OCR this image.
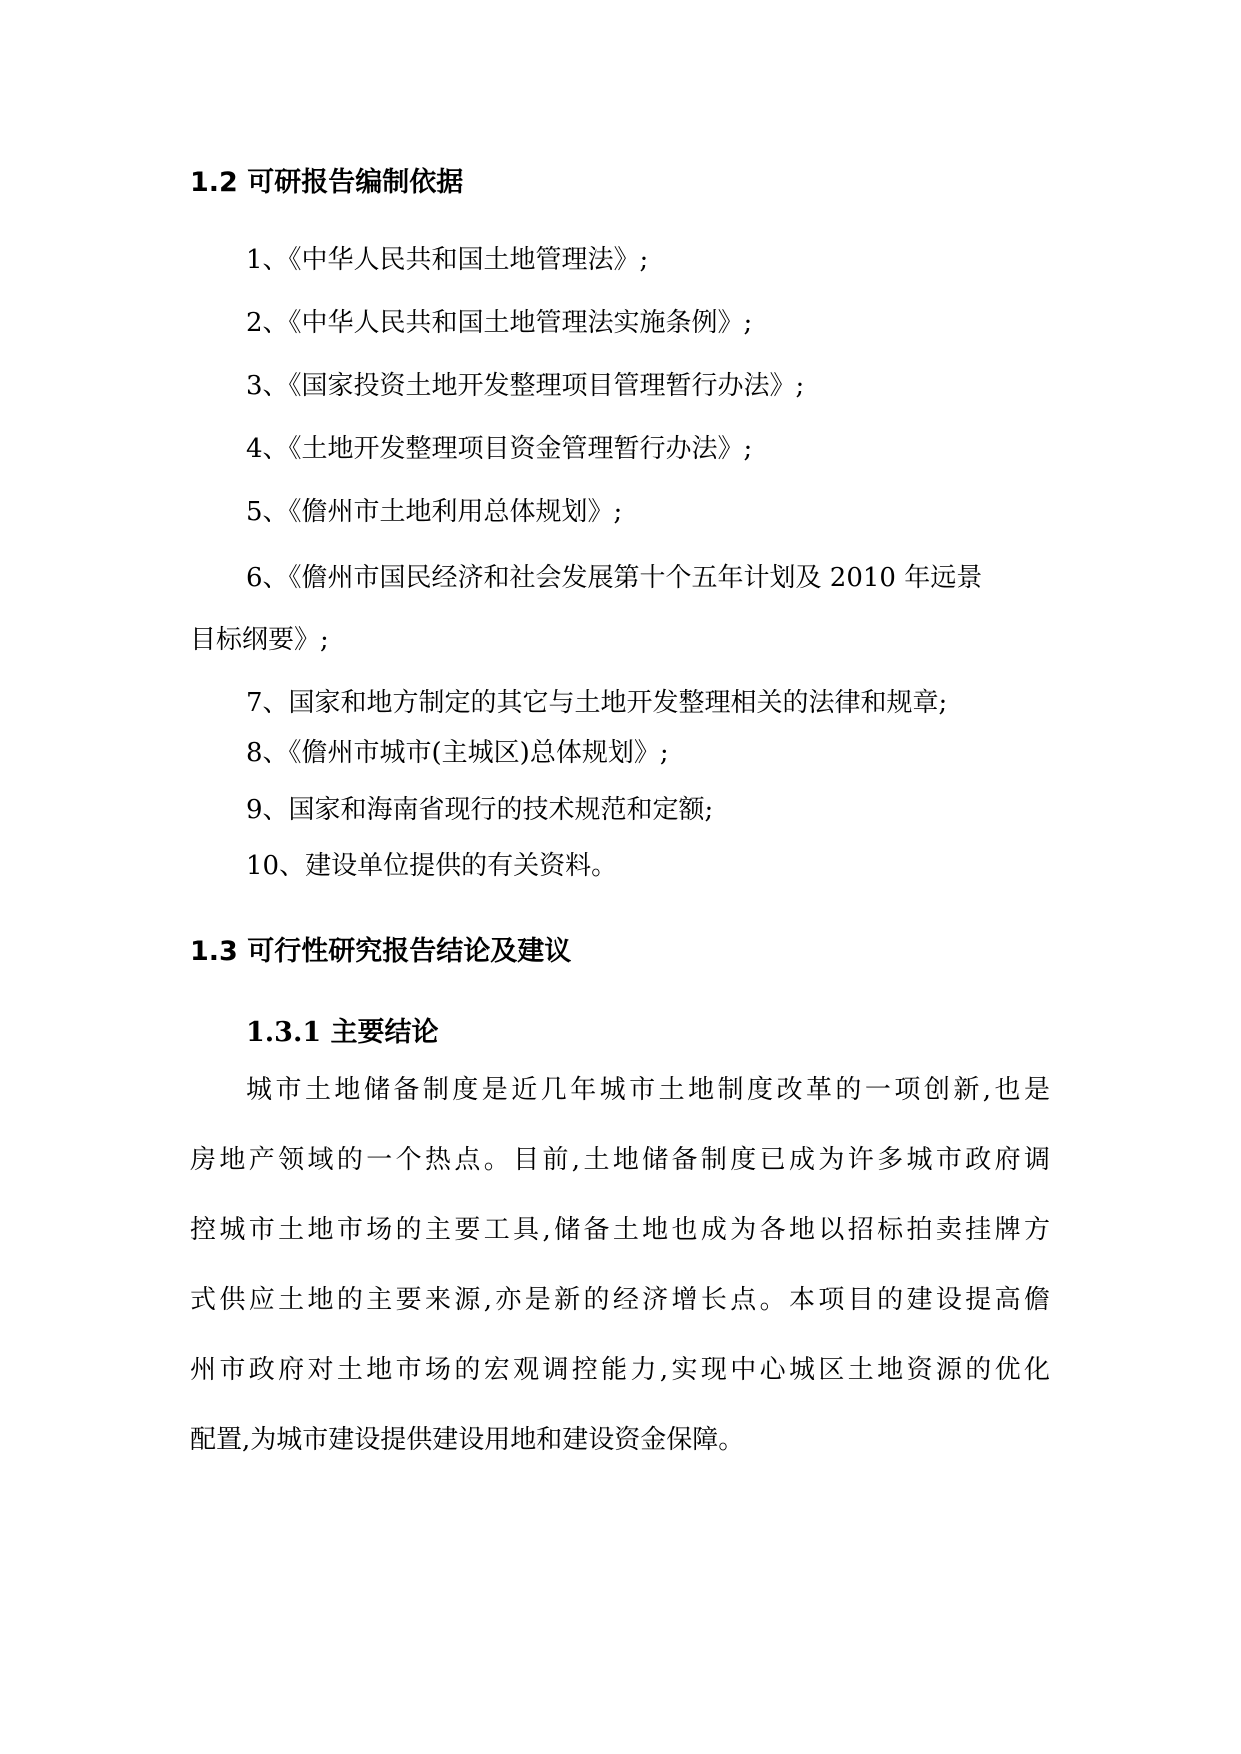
1.2 可研报告编制依据
1、《中华人民共和国土地管理法》;
2、《中华人民共和国土地管理法实施条例》;
3、《国家投资土地开发整理项目管理暂行办法》;
4、《土地开发整理项目资金管理暂行办法》;
5、《儋州市土地利用总体规划》;
6、《儋州市国民经济和社会发展第十个五年计划及 2010 年远景
目标纲要》;
7、国家和地方制定的其它与土地开发整理相关的法律和规章;
8、《儋州市城市(主城区)总体规划》;
9、国家和海南省现行的技术规范和定额;
10、建设单位提供的有关资料。
1.3 可行性研究报告结论及建议
1.3.1 主要结论
城市土地储备制度是近几年城市土地制度改革的一项创新,也是
房地产领域的一个热点。目前,土地储备制度已成为许多城市政府调
控城市土地市场的主要工具,储备土地也成为各地以招标拍卖挂牌方
式供应土地的主要来源,亦是新的经济增长点。本项目的建设提高儋
州市政府对土地市场的宏观调控能力,实现中心城区土地资源的优化
配置,为城市建设提供建设用地和建设资金保障。
